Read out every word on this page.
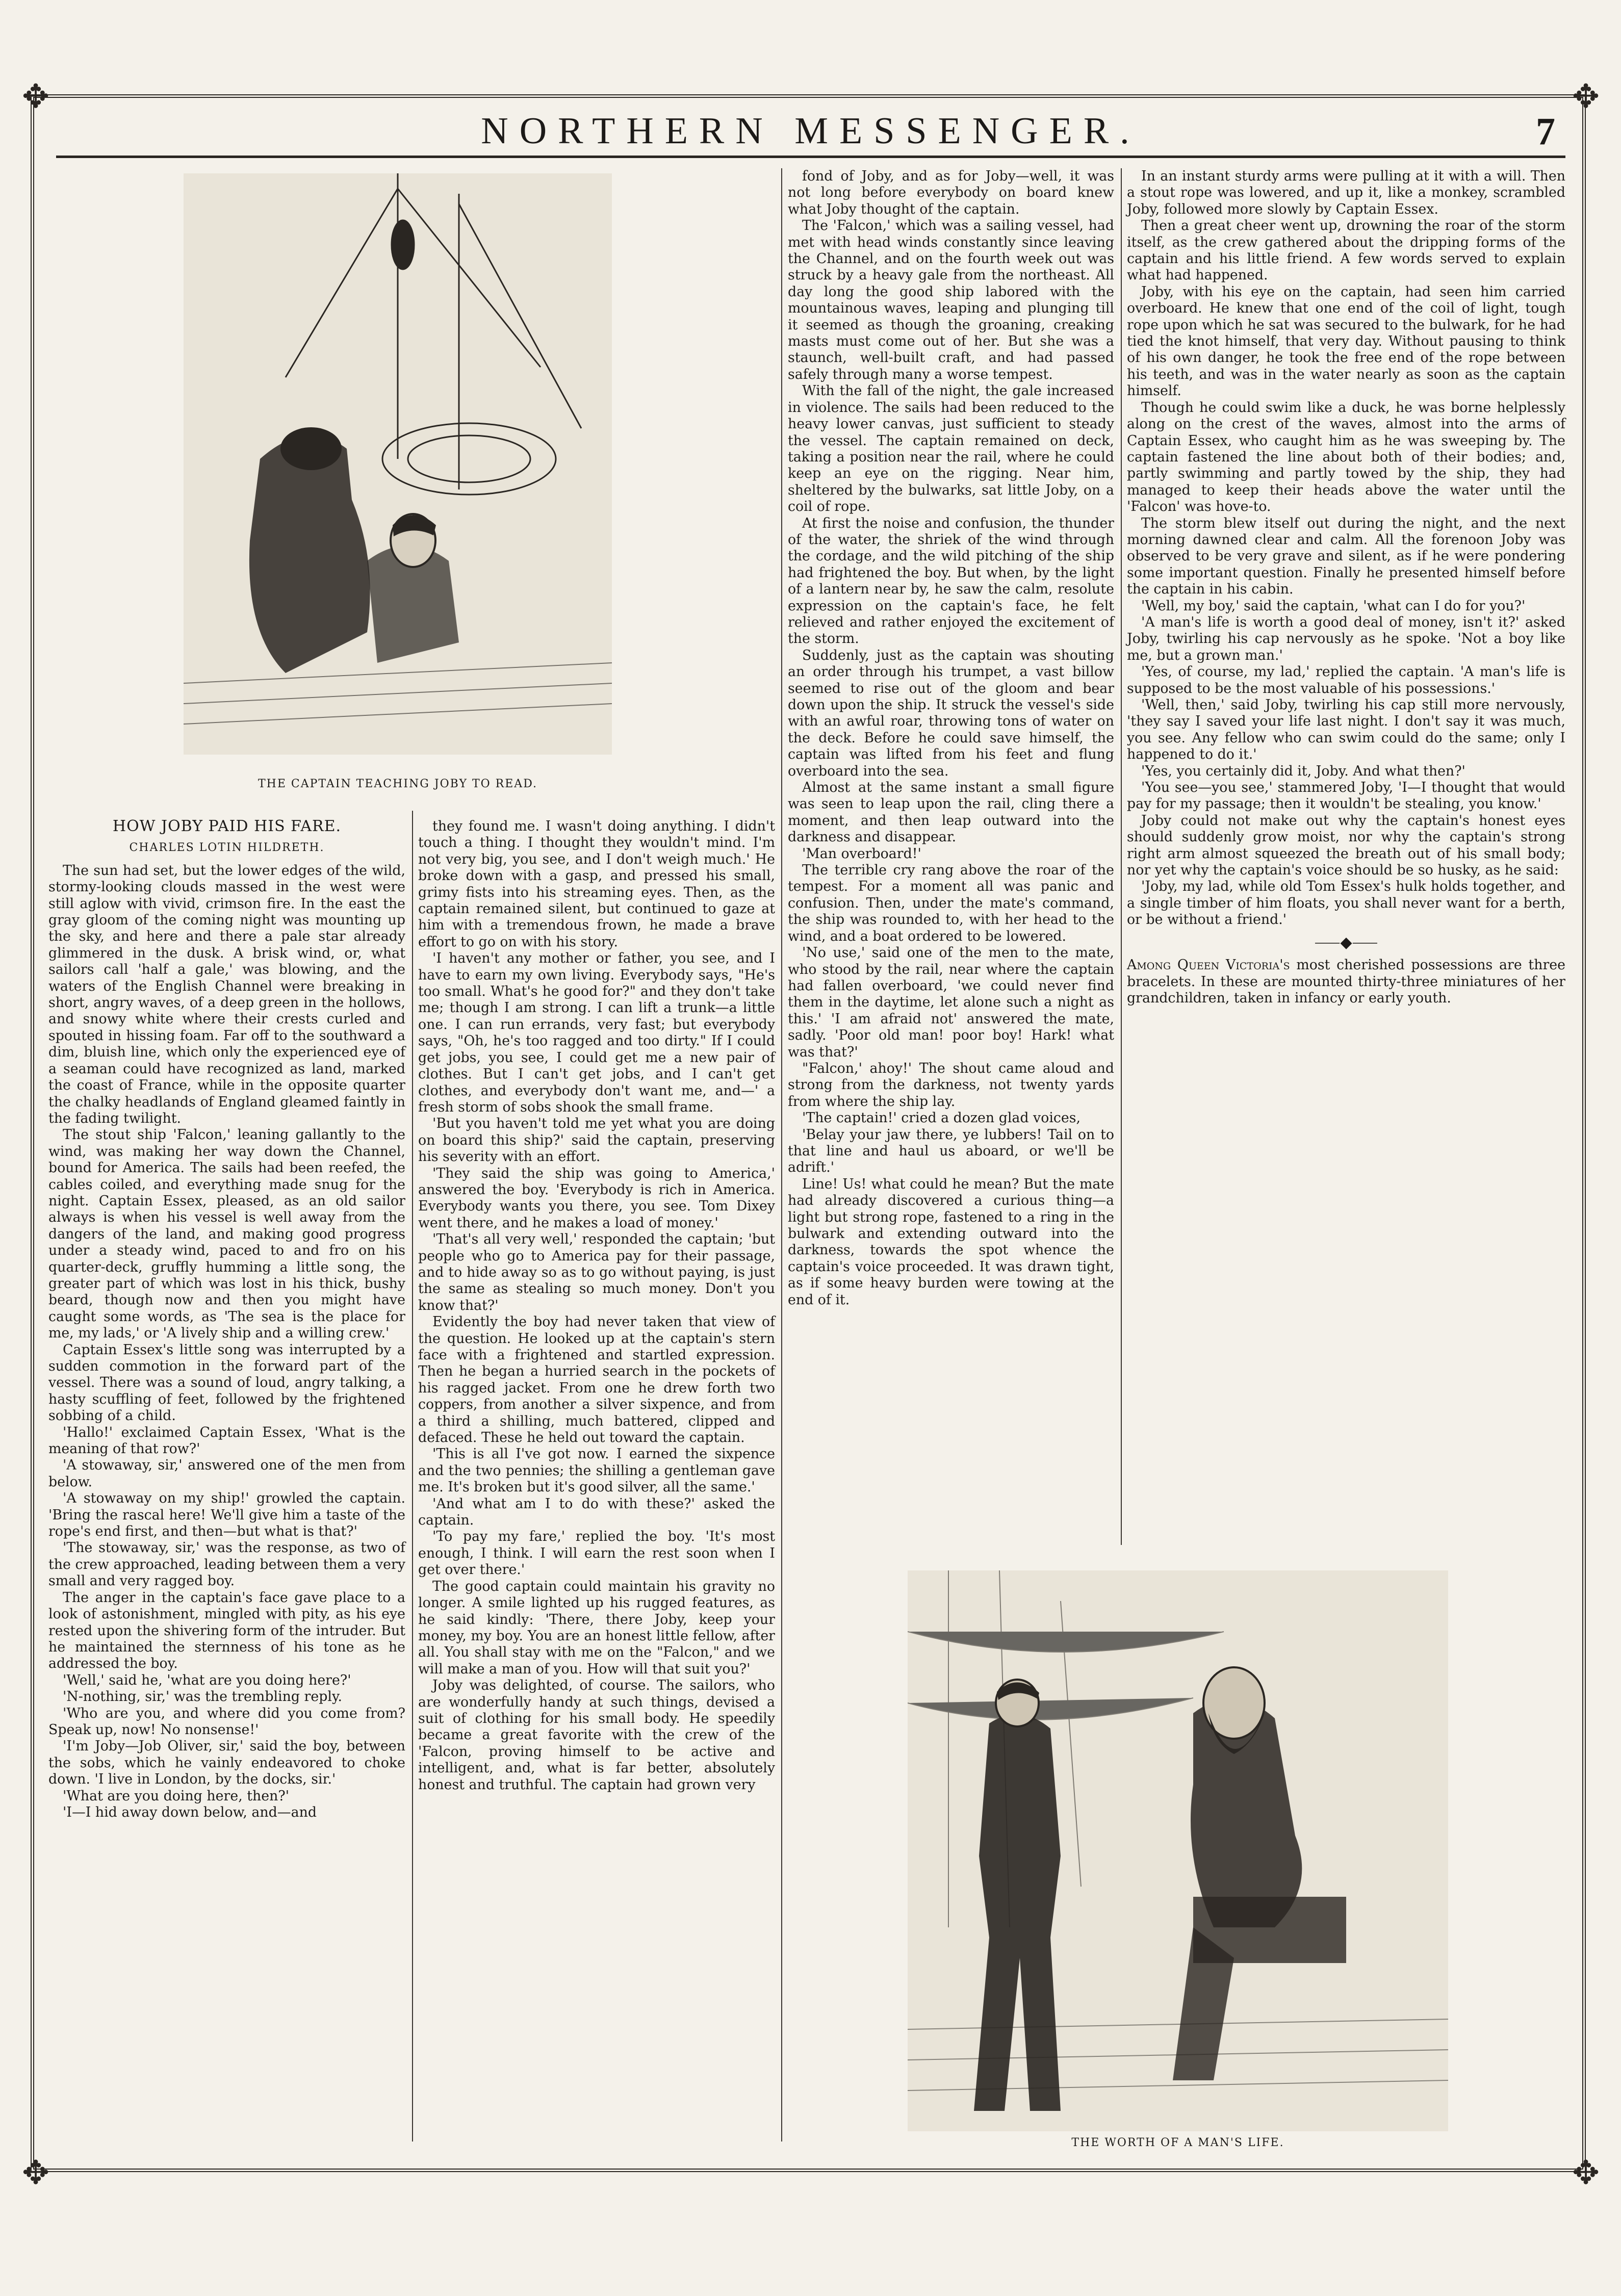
✥	✥
✥	✥
NORTHERN MESSENGER.	7
THE CAPTAIN TEACHING JOBY TO READ.
HOW JOBY PAID HIS FARE.
CHARLES LOTIN HILDRETH.

The sun had set, but the lower edges of the wild, stormy-looking clouds massed in the west were still aglow with vivid, crimson fire. In the east the gray gloom of the coming night was mounting up the sky, and here and there a pale star already glimmered in the dusk. A brisk wind, or, what sailors call 'half a gale,' was blowing, and the waters of the English Channel were breaking in short, angry waves, of a deep green in the hollows, and snowy white where their crests curled and spouted in hissing foam. Far off to the southward a dim, bluish line, which only the experienced eye of a seaman could have recognized as land, marked the coast of France, while in the opposite quarter the chalky headlands of England gleamed faintly in the fading twilight.

The stout ship 'Falcon,' leaning gallantly to the wind, was making her way down the Channel, bound for America. The sails had been reefed, the cables coiled, and everything made snug for the night. Captain Essex, pleased, as an old sailor always is when his vessel is well away from the dangers of the land, and making good progress under a steady wind, paced to and fro on his quarter-deck, gruffly humming a little song, the greater part of which was lost in his thick, bushy beard, though now and then you might have caught some words, as 'The sea is the place for me, my lads,' or 'A lively ship and a willing crew.'

Captain Essex's little song was interrupted by a sudden commotion in the forward part of the vessel. There was a sound of loud, angry talking, a hasty scuffling of feet, followed by the frightened sobbing of a child.

'Hallo!' exclaimed Captain Essex, 'What is the meaning of that row?'

'A stowaway, sir,' answered one of the men from below.

'A stowaway on my ship!' growled the captain. 'Bring the rascal here! We'll give him a taste of the rope's end first, and then—but what is that?'

'The stowaway, sir,' was the response, as two of the crew approached, leading between them a very small and very ragged boy.

The anger in the captain's face gave place to a look of astonishment, mingled with pity, as his eye rested upon the shivering form of the intruder. But he maintained the sternness of his tone as he addressed the boy.

'Well,' said he, 'what are you doing here?'

'N-nothing, sir,' was the trembling reply.

'Who are you, and where did you come from? Speak up, now! No nonsense!'

'I'm Joby—Job Oliver, sir,' said the boy, between the sobs, which he vainly endeavored to choke down. 'I live in London, by the docks, sir.'

'What are you doing here, then?'

'I—I hid away down below, and—and

they found me. I wasn't doing anything. I didn't touch a thing. I thought they wouldn't mind. I'm not very big, you see, and I don't weigh much.' He broke down with a gasp, and pressed his small, grimy fists into his streaming eyes. Then, as the captain remained silent, but continued to gaze at him with a tremendous frown, he made a brave effort to go on with his story.

'I haven't any mother or father, you see, and I have to earn my own living. Everybody says, "He's too small. What's he good for?" and they don't take me; though I am strong. I can lift a trunk—a little one. I can run errands, very fast; but everybody says, "Oh, he's too ragged and too dirty." If I could get jobs, you see, I could get me a new pair of clothes. But I can't get jobs, and I can't get clothes, and everybody don't want me, and—' a fresh storm of sobs shook the small frame.

'But you haven't told me yet what you are doing on board this ship?' said the captain, preserving his severity with an effort.

'They said the ship was going to America,' answered the boy. 'Everybody is rich in America. Everybody wants you there, you see. Tom Dixey went there, and he makes a load of money.'

'That's all very well,' responded the captain; 'but people who go to America pay for their passage, and to hide away so as to go without paying, is just the same as stealing so much money. Don't you know that?'

Evidently the boy had never taken that view of the question. He looked up at the captain's stern face with a frightened and startled expression. Then he began a hurried search in the pockets of his ragged jacket. From one he drew forth two coppers, from another a silver sixpence, and from a third a shilling, much battered, clipped and defaced. These he held out toward the captain.

'This is all I've got now. I earned the sixpence and the two pennies; the shilling a gentleman gave me. It's broken but it's good silver, all the same.'

'And what am I to do with these?' asked the captain.

'To pay my fare,' replied the boy. 'It's most enough, I think. I will earn the rest soon when I get over there.'

The good captain could maintain his gravity no longer. A smile lighted up his rugged features, as he said kindly: 'There, there Joby, keep your money, my boy. You are an honest little fellow, after all. You shall stay with me on the "Falcon," and we will make a man of you. How will that suit you?'

Joby was delighted, of course. The sailors, who are wonderfully handy at such things, devised a suit of clothing for his small body. He speedily became a great favorite with the crew of the 'Falcon, proving himself to be active and intelligent, and, what is far better, absolutely honest and truthful. The captain had grown very

fond of Joby, and as for Joby—well, it was not long before everybody on board knew what Joby thought of the captain.

The 'Falcon,' which was a sailing vessel, had met with head winds constantly since leaving the Channel, and on the fourth week out was struck by a heavy gale from the northeast. All day long the good ship labored with the mountainous waves, leaping and plunging till it seemed as though the groaning, creaking masts must come out of her. But she was a staunch, well-built craft, and had passed safely through many a worse tempest.

With the fall of the night, the gale increased in violence. The sails had been reduced to the heavy lower canvas, just sufficient to steady the vessel. The captain remained on deck, taking a position near the rail, where he could keep an eye on the rigging. Near him, sheltered by the bulwarks, sat little Joby, on a coil of rope.

At first the noise and confusion, the thunder of the water, the shriek of the wind through the cordage, and the wild pitching of the ship had frightened the boy. But when, by the light of a lantern near by, he saw the calm, resolute expression on the captain's face, he felt relieved and rather enjoyed the excitement of the storm.

Suddenly, just as the captain was shouting an order through his trumpet, a vast billow seemed to rise out of the gloom and bear down upon the ship. It struck the vessel's side with an awful roar, throwing tons of water on the deck. Before he could save himself, the captain was lifted from his feet and flung overboard into the sea.

Almost at the same instant a small figure was seen to leap upon the rail, cling there a moment, and then leap outward into the darkness and disappear.

'Man overboard!'

The terrible cry rang above the roar of the tempest. For a moment all was panic and confusion. Then, under the mate's command, the ship was rounded to, with her head to the wind, and a boat ordered to be lowered.

'No use,' said one of the men to the mate, who stood by the rail, near where the captain had fallen overboard, 'we could never find them in the daytime, let alone such a night as this.' 'I am afraid not' answered the mate, sadly. 'Poor old man! poor boy! Hark! what was that?'

"Falcon,' ahoy!' The shout came aloud and strong from the darkness, not twenty yards from where the ship lay.

'The captain!' cried a dozen glad voices,

'Belay your jaw there, ye lubbers! Tail on to that line and haul us aboard, or we'll be adrift.'

Line! Us! what could he mean? But the mate had already discovered a curious thing—a light but strong rope, fastened to a ring in the bulwark and extending outward into the darkness, towards the spot whence the captain's voice proceeded. It was drawn tight, as if some heavy burden were towing at the end of it.

In an instant sturdy arms were pulling at it with a will. Then a stout rope was lowered, and up it, like a monkey, scrambled Joby, followed more slowly by Captain Essex.

Then a great cheer went up, drowning the roar of the storm itself, as the crew gathered about the dripping forms of the captain and his little friend. A few words served to explain what had happened.

Joby, with his eye on the captain, had seen him carried overboard. He knew that one end of the coil of light, tough rope upon which he sat was secured to the bulwark, for he had tied the knot himself, that very day. Without pausing to think of his own danger, he took the free end of the rope between his teeth, and was in the water nearly as soon as the captain himself.

Though he could swim like a duck, he was borne helplessly along on the crest of the waves, almost into the arms of Captain Essex, who caught him as he was sweeping by. The captain fastened the line about both of their bodies; and, partly swimming and partly towed by the ship, they had managed to keep their heads above the water until the 'Falcon' was hove-to.

The storm blew itself out during the night, and the next morning dawned clear and calm. All the forenoon Joby was observed to be very grave and silent, as if he were pondering some important question. Finally he presented himself before the captain in his cabin.

'Well, my boy,' said the captain, 'what can I do for you?'

'A man's life is worth a good deal of money, isn't it?' asked Joby, twirling his cap nervously as he spoke. 'Not a boy like me, but a grown man.'

'Yes, of course, my lad,' replied the captain. 'A man's life is supposed to be the most valuable of his possessions.'

'Well, then,' said Joby, twirling his cap still more nervously, 'they say I saved your life last night. I don't say it was much, you see. Any fellow who can swim could do the same; only I happened to do it.'

'Yes, you certainly did it, Joby. And what then?'

'You see—you see,' stammered Joby, 'I—I thought that would pay for my passage; then it wouldn't be stealing, you know.'

Joby could not make out why the captain's honest eyes should suddenly grow moist, nor why the captain's strong right arm almost squeezed the breath out of his small body; nor yet why the captain's voice should be so husky, as he said:

'Joby, my lad, while old Tom Essex's hulk holds together, and a single timber of him floats, you shall never want for a berth, or be without a friend.'

⸺◆⸺

Among Queen Victoria's most cherished possessions are three bracelets. In these are mounted thirty-three miniatures of her grandchildren, taken in infancy or early youth.

THE WORTH OF A MAN'S LIFE.
